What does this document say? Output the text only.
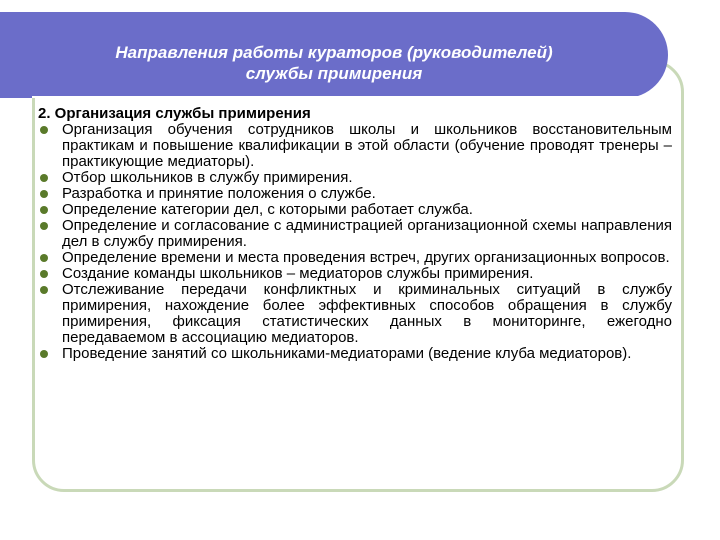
Направления работы кураторов (руководителей)
службы примирения
2. Организация службы примирения
Организация обучения сотрудников школы и школьников восстановительным практикам и повышение квалификации в этой области (обучение проводят тренеры – практикующие медиаторы).
Отбор школьников в службу примирения.
Разработка и принятие положения о службе.
Определение категории дел, с которыми работает служба.
Определение и согласование с администрацией организационной схемы направления дел в службу примирения.
Определение времени и места проведения встреч, других организационных вопросов.
Создание команды школьников – медиаторов службы примирения.
Отслеживание передачи конфликтных и криминальных ситуаций в службу примирения, нахождение более эффективных способов обращения в службу примирения, фиксация статистических данных в мониторинге, ежегодно передаваемом в ассоциацию медиаторов.
Проведение занятий со школьниками-медиаторами (ведение клуба медиаторов).
